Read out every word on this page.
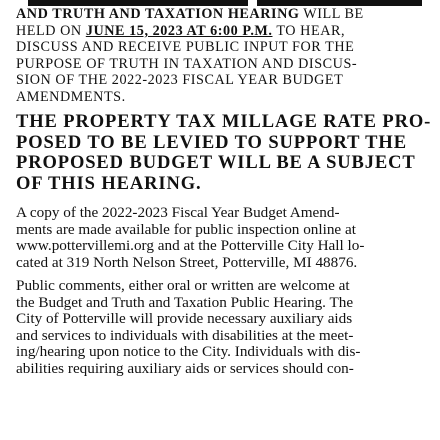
AND TRUTH AND TAXATION HEARING WILL BE
HELD ON JUNE 15, 2023 AT 6:00 P.M. TO HEAR,
DISCUSS AND RECEIVE PUBLIC INPUT FOR THE
PURPOSE OF TRUTH IN TAXATION AND DISCUS-
SION OF THE 2022-2023 FISCAL YEAR BUDGET
AMENDMENTS.

THE PROPERTY TAX MILLAGE RATE PRO-
POSED TO BE LEVIED TO SUPPORT THE
PROPOSED BUDGET WILL BE A SUBJECT
OF THIS HEARING.

A copy of the 2022-2023 Fiscal Year Budget Amend-
ments are made available for public inspection online at
www.pottervillemi.org and at the Potterville City Hall lo-
cated at 319 North Nelson Street, Potterville, MI 48876.

Public comments, either oral or written are welcome at
the Budget and Truth and Taxation Public Hearing. The
City of Potterville will provide necessary auxiliary aids
and services to individuals with disabilities at the meet-
ing/hearing upon notice to the City. Individuals with dis-
abilities requiring auxiliary aids or services should con-
